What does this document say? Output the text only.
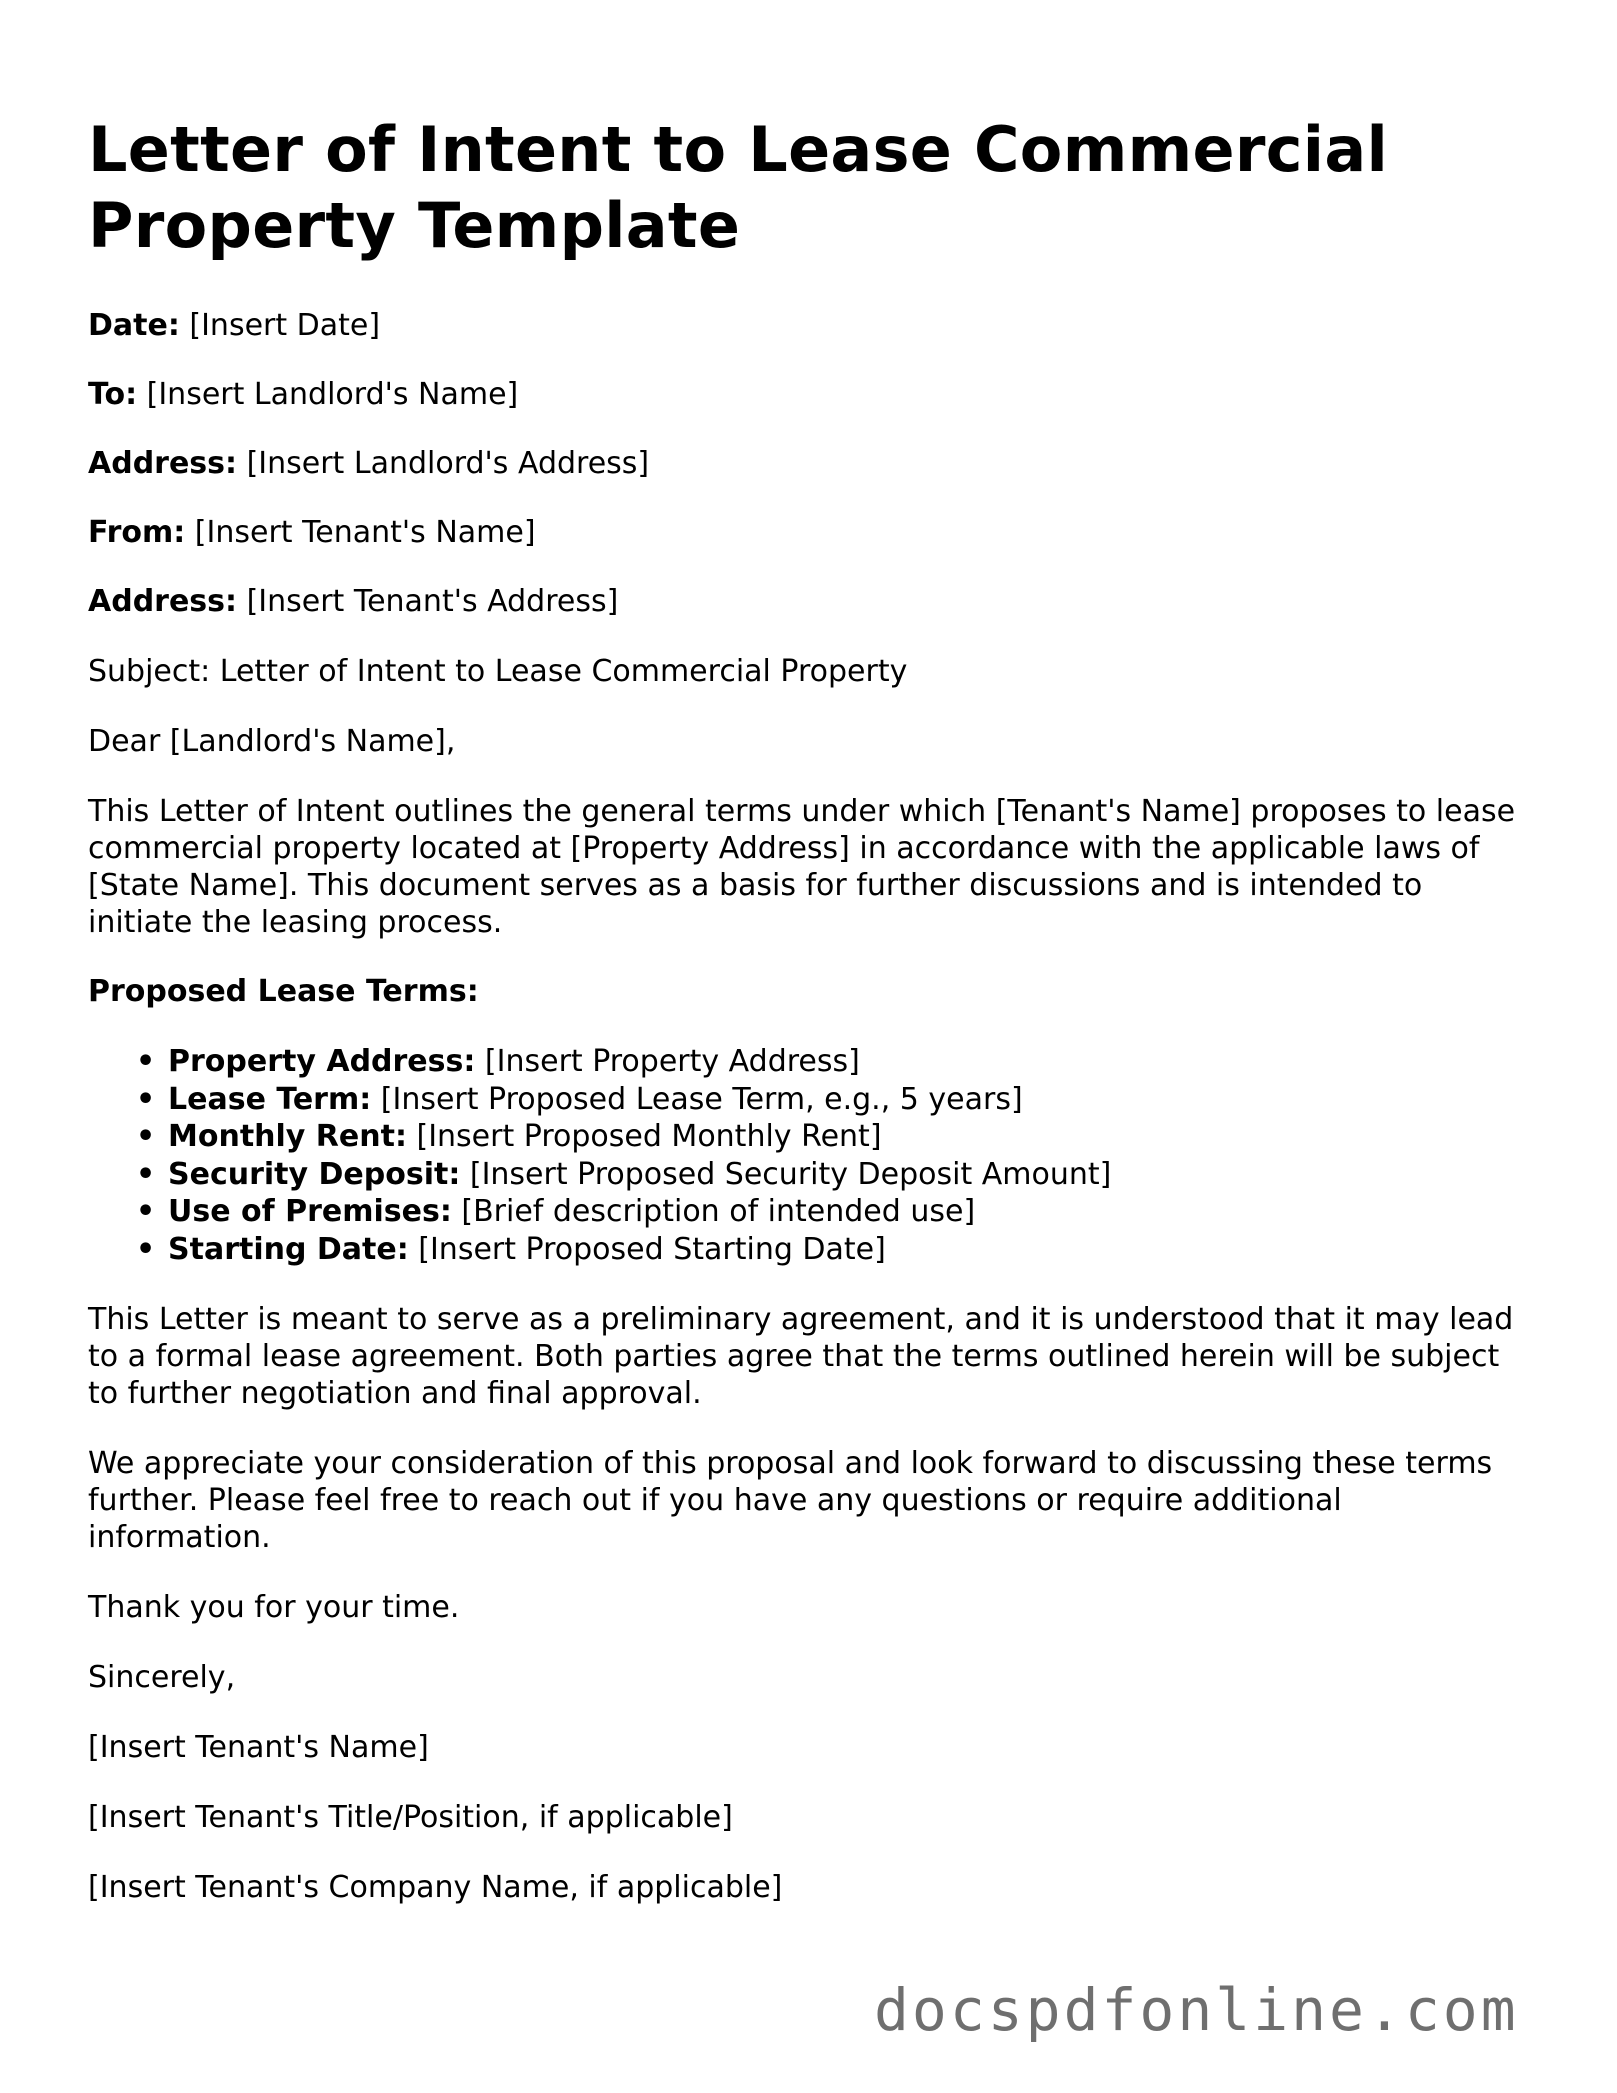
Letter of Intent to Lease Commercial Property Template
Date: [Insert Date]
To: [Insert Landlord's Name]
Address: [Insert Landlord's Address]
From: [Insert Tenant's Name]
Address: [Insert Tenant's Address]

Subject: Letter of Intent to Lease Commercial Property

Dear [Landlord's Name],

This Letter of Intent outlines the general terms under which [Tenant's Name] proposes to lease commercial property located at [Property Address] in accordance with the applicable laws of [State Name]. This document serves as a basis for further discussions and is intended to initiate the leasing process.

Proposed Lease Terms:
• Property Address: [Insert Property Address]
• Lease Term: [Insert Proposed Lease Term, e.g., 5 years]
• Monthly Rent: [Insert Proposed Monthly Rent]
• Security Deposit: [Insert Proposed Security Deposit Amount]
• Use of Premises: [Brief description of intended use]
• Starting Date: [Insert Proposed Starting Date]

This Letter is meant to serve as a preliminary agreement, and it is understood that it may lead to a formal lease agreement. Both parties agree that the terms outlined herein will be subject to further negotiation and final approval.

We appreciate your consideration of this proposal and look forward to discussing these terms further. Please feel free to reach out if you have any questions or require additional information.

Thank you for your time.

Sincerely,

[Insert Tenant's Name]

[Insert Tenant's Title/Position, if applicable]

[Insert Tenant's Company Name, if applicable]

docspdfonline.com
